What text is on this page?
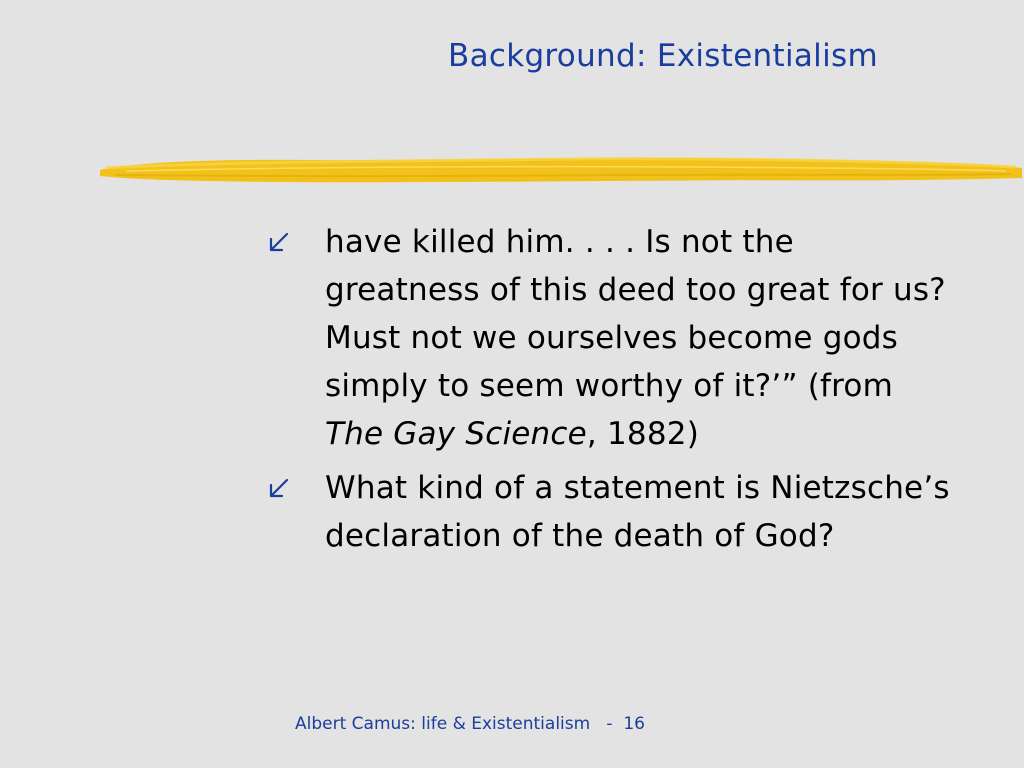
Background: Existentialism
have killed him. . . . Is not the greatness of this deed too great for us? Must not we ourselves become gods simply to seem worthy of it?’” (from The Gay Science, 1882)
What kind of a statement is Nietzsche’s declaration of the death of God?
Albert Camus: life & Existentialism   -  16
